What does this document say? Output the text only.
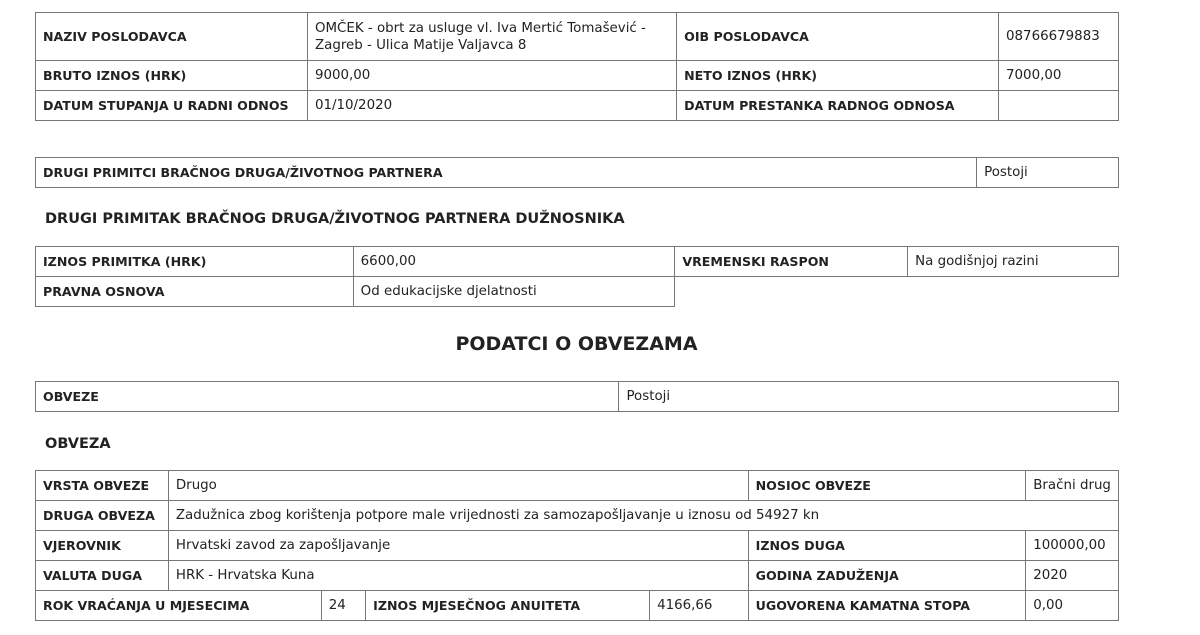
NAZIV POSLODAVCA	OMČEK - obrt za usluge vl. Iva Mertić Tomašević - Zagreb - Ulica Matije Valjavca 8	OIB POSLODAVCA	08766679883
BRUTO IZNOS (HRK)	9000,00	NETO IZNOS (HRK)	7000,00
DATUM STUPANJA U RADNI ODNOS	01/10/2020	DATUM PRESTANKA RADNOG ODNOSA	
DRUGI PRIMITCI BRAČNOG DRUGA/ŽIVOTNOG PARTNERA	Postoji
DRUGI PRIMITAK BRAČNOG DRUGA/ŽIVOTNOG PARTNERA DUŽNOSNIKA
IZNOS PRIMITKA (HRK)	6600,00	VREMENSKI RASPON	Na godišnjoj razini
PRAVNA OSNOVA	Od edukacijske djelatnosti		
PODATCI O OBVEZAMA
OBVEZE	Postoji
OBVEZA
VRSTA OBVEZE	Drugo				NOSIOC OBVEZE	Bračni drug
DRUGA OBVEZA	Zadužnica zbog korištenja potpore male vrijednosti za samozapošljavanje u iznosu od 54927 kn					
VJEROVNIK	Hrvatski zavod za zapošljavanje				IZNOS DUGA	100000,00
VALUTA DUGA	HRK - Hrvatska Kuna				GODINA ZADUŽENJA	2020
ROK VRAĆANJA U MJESECIMA		24	IZNOS MJESEČNOG ANUITETA	4166,66	UGOVORENA KAMATNA STOPA	0,00
